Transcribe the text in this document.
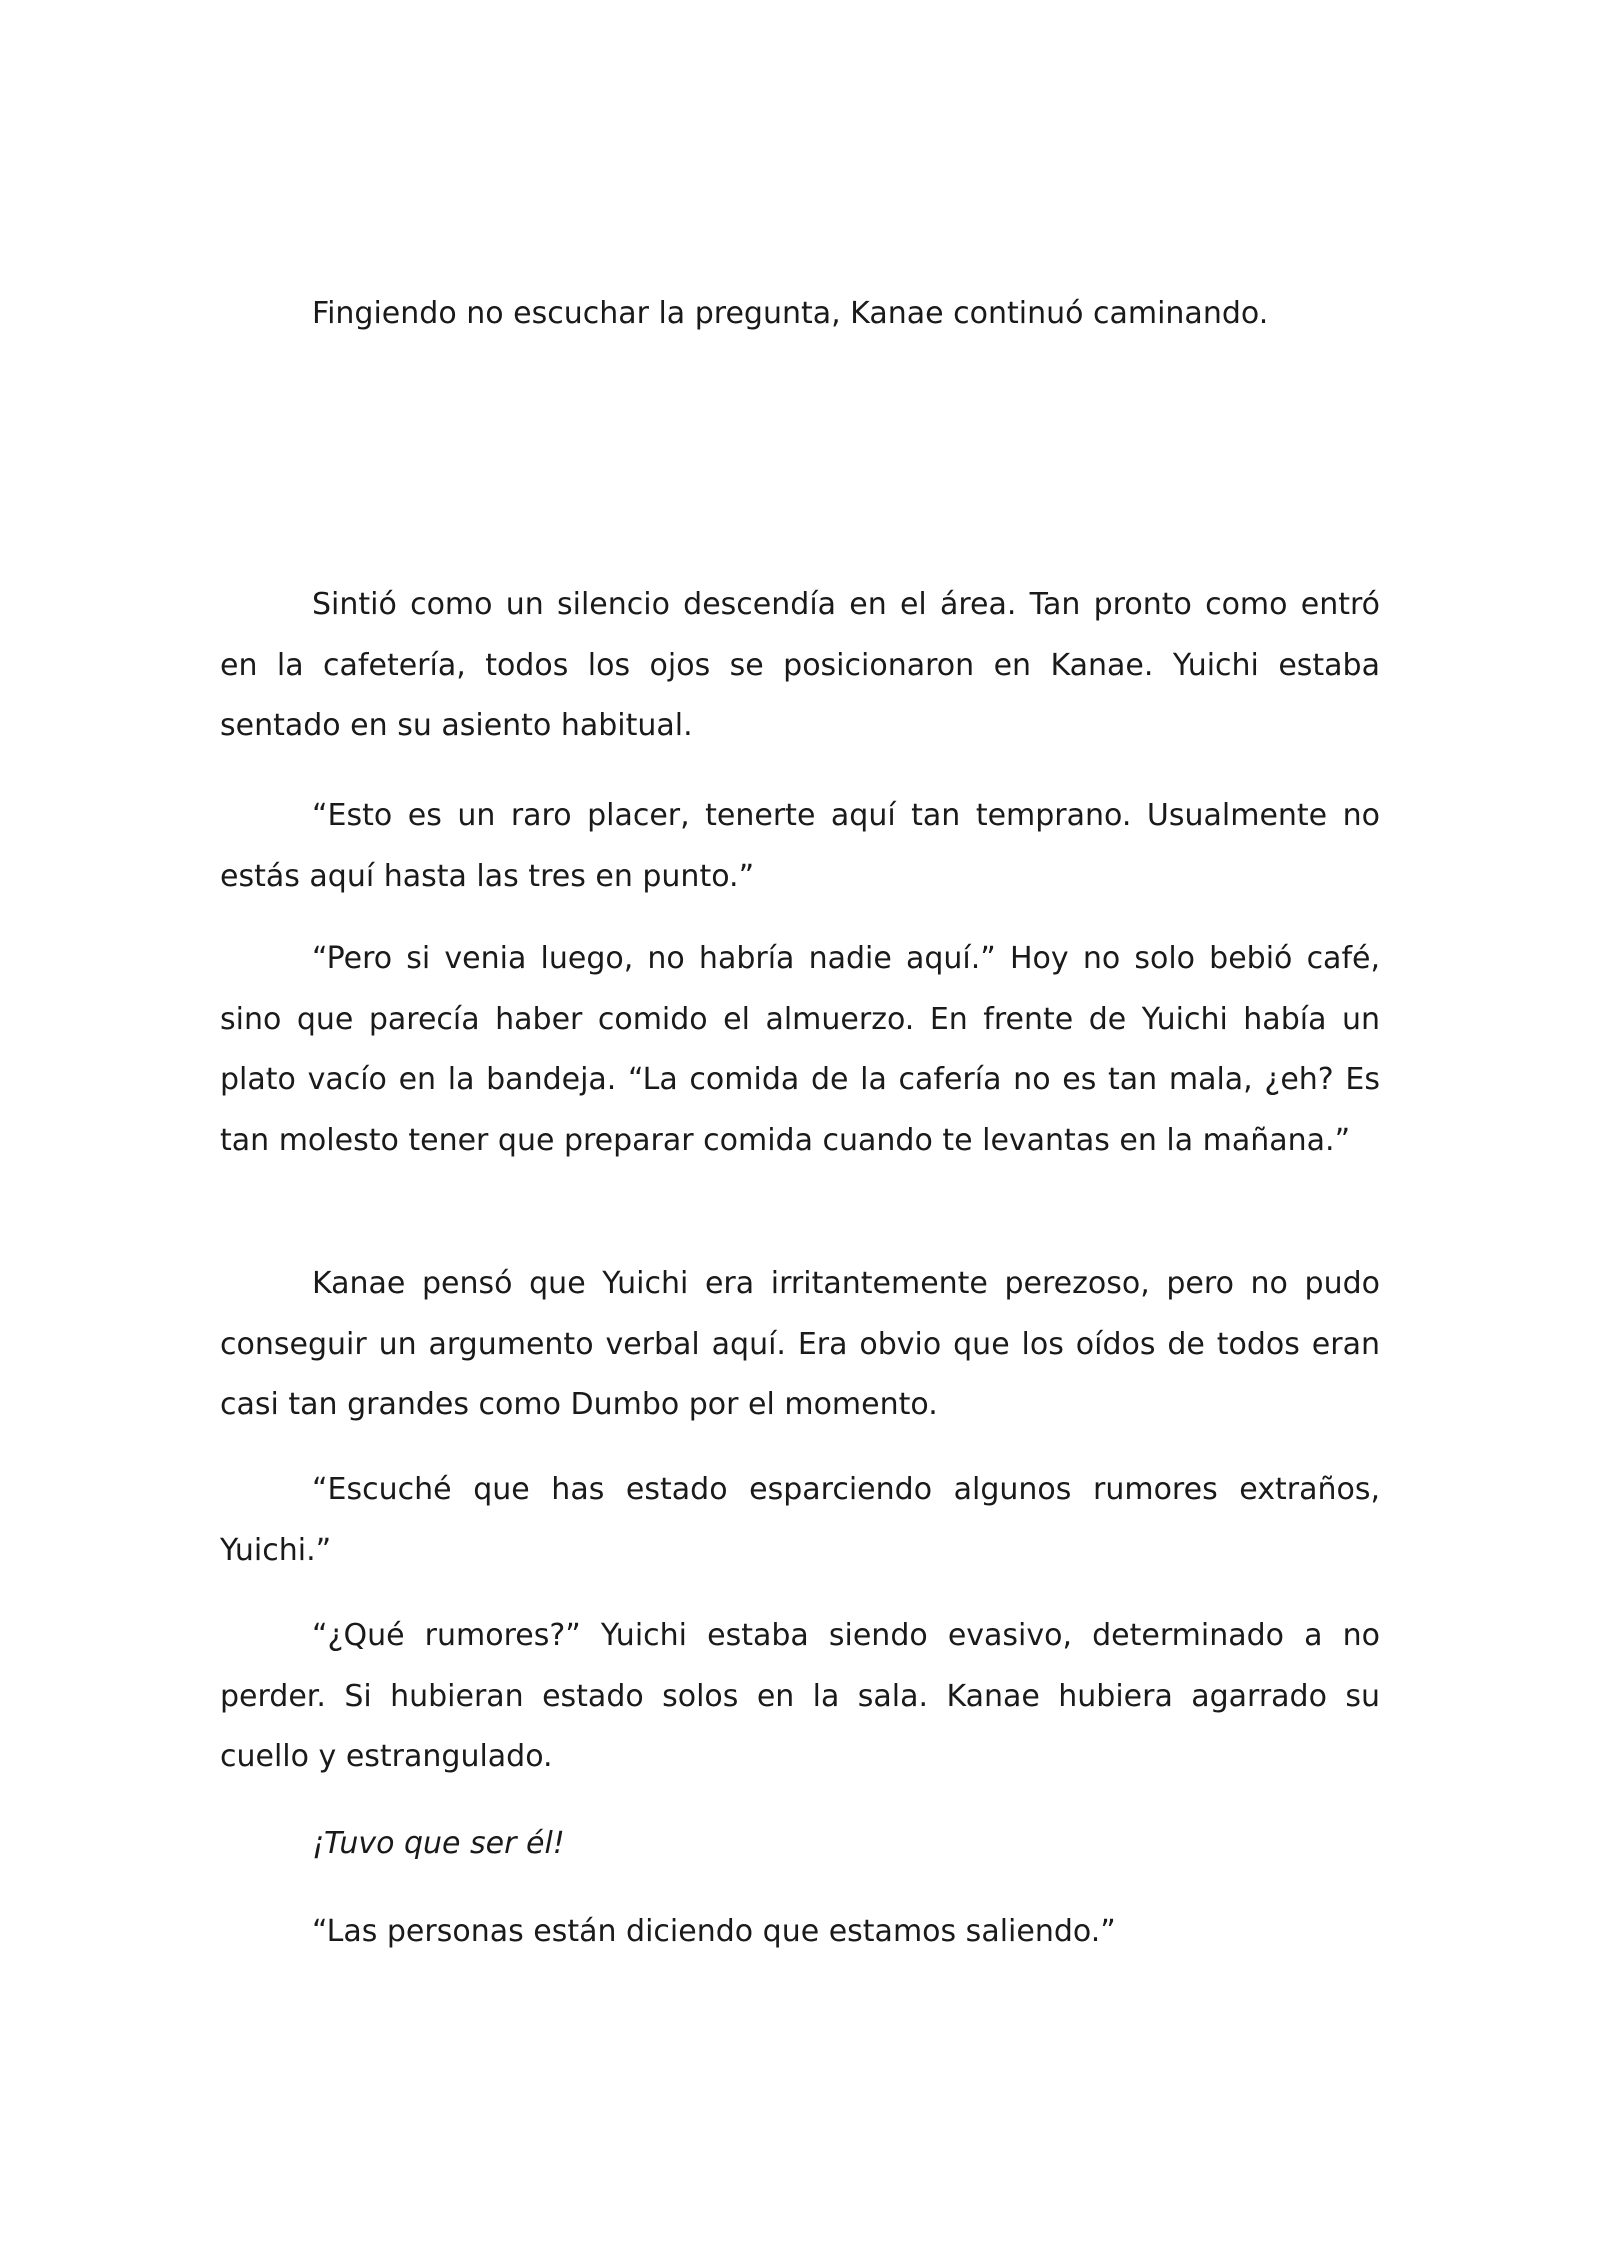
Fingiendo no escuchar la pregunta, Kanae continuó caminando.

Sintió como un silencio descendía en el área. Tan pronto como entró en la cafetería, todos los ojos se posicionaron en Kanae. Yuichi estaba sentado en su asiento habitual.

“Esto es un raro placer, tenerte aquí tan temprano. Usualmente no estás aquí hasta las tres en punto.”

“Pero si venia luego, no habría nadie aquí.” Hoy no solo bebió café, sino que parecía haber comido el almuerzo. En frente de Yuichi había un plato vacío en la bandeja. “La comida de la cafería no es tan mala, ¿eh? Es tan molesto tener que preparar comida cuando te levantas en la mañana.”

Kanae pensó que Yuichi era irritantemente perezoso, pero no pudo conseguir un argumento verbal aquí. Era obvio que los oídos de todos eran casi tan grandes como Dumbo por el momento.

“Escuché que has estado esparciendo algunos rumores extraños, Yuichi.”

“¿Qué rumores?” Yuichi estaba siendo evasivo, determinado a no perder. Si hubieran estado solos en la sala. Kanae hubiera agarrado su cuello y estrangulado.

¡Tuvo que ser él!

“Las personas están diciendo que estamos saliendo.”
